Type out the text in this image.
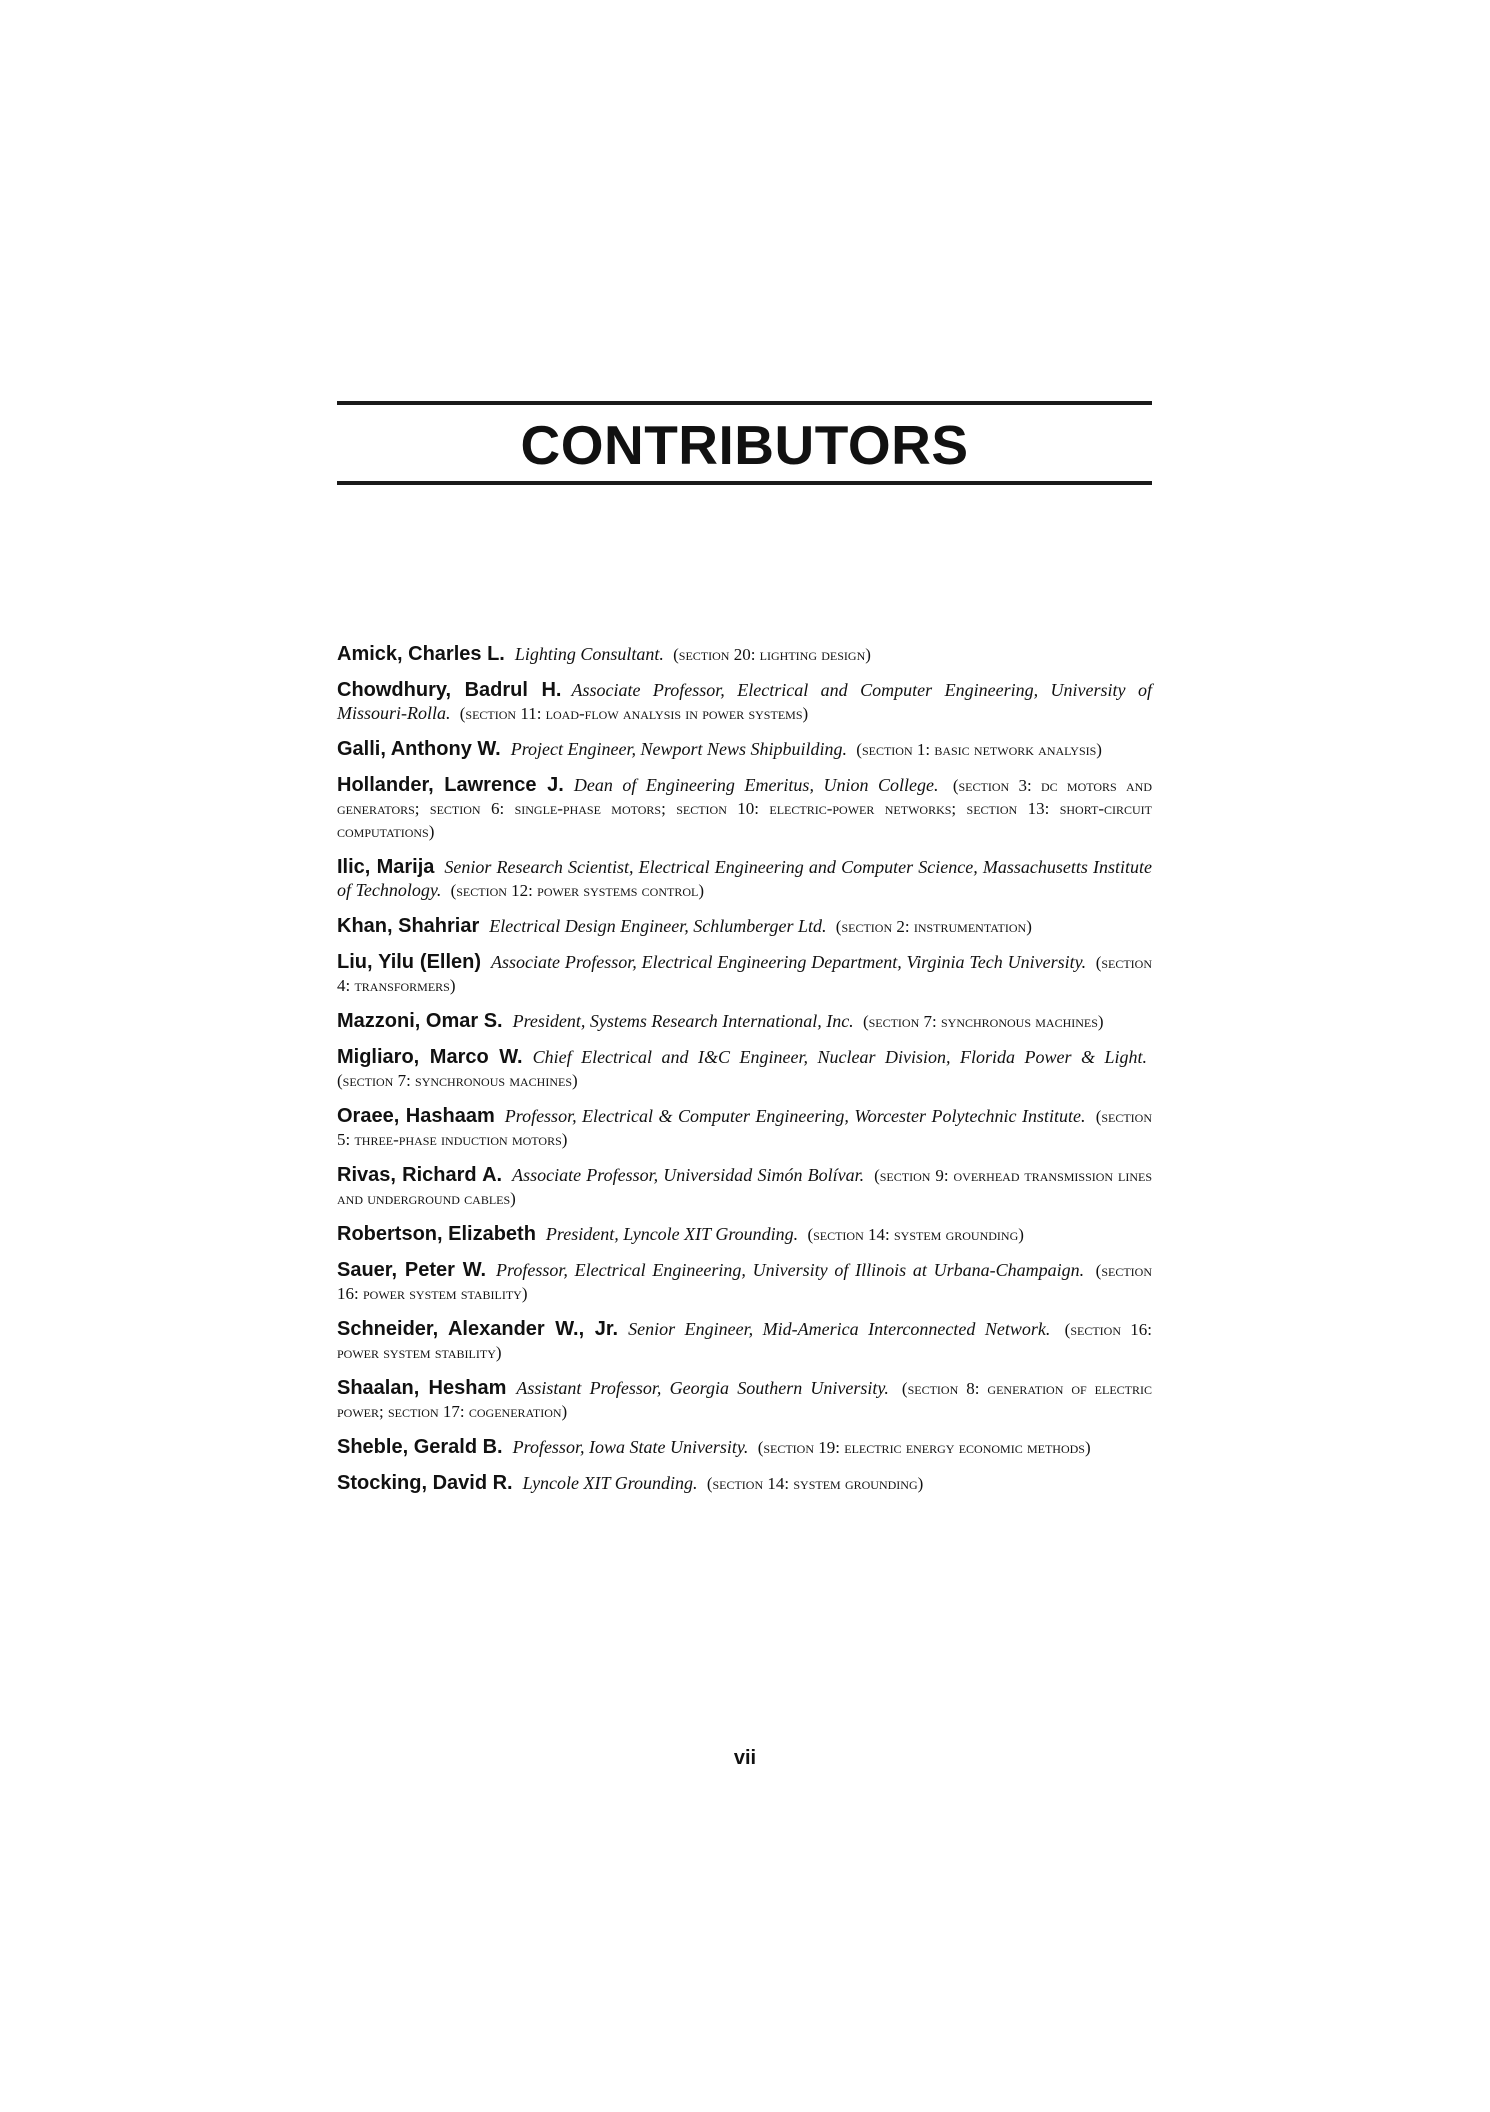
CONTRIBUTORS

Amick, Charles L. Lighting Consultant. (section 20: lighting design)

Chowdhury, Badrul H. Associate Professor, Electrical and Computer Engineering, University of Missouri-Rolla. (section 11: load-flow analysis in power systems)

Galli, Anthony W. Project Engineer, Newport News Shipbuilding. (section 1: basic network analysis)

Hollander, Lawrence J. Dean of Engineering Emeritus, Union College. (section 3: dc motors and generators; section 6: single-phase motors; section 10: electric-power networks; section 13: short-circuit computations)

Ilic, Marija Senior Research Scientist, Electrical Engineering and Computer Science, Massachusetts Institute of Technology. (section 12: power systems control)

Khan, Shahriar Electrical Design Engineer, Schlumberger Ltd. (section 2: instrumentation)

Liu, Yilu (Ellen) Associate Professor, Electrical Engineering Department, Virginia Tech University. (section 4: transformers)

Mazzoni, Omar S. President, Systems Research International, Inc. (section 7: synchronous machines)

Migliaro, Marco W. Chief Electrical and I&C Engineer, Nuclear Division, Florida Power & Light. (section 7: synchronous machines)

Oraee, Hashaam Professor, Electrical & Computer Engineering, Worcester Polytechnic Institute. (section 5: three-phase induction motors)

Rivas, Richard A. Associate Professor, Universidad Simón Bolívar. (section 9: overhead transmission lines and underground cables)

Robertson, Elizabeth President, Lyncole XIT Grounding. (section 14: system grounding)

Sauer, Peter W. Professor, Electrical Engineering, University of Illinois at Urbana-Champaign. (section 16: power system stability)

Schneider, Alexander W., Jr. Senior Engineer, Mid-America Interconnected Network. (section 16: power system stability)

Shaalan, Hesham Assistant Professor, Georgia Southern University. (section 8: generation of electric power; section 17: cogeneration)

Sheble, Gerald B. Professor, Iowa State University. (section 19: electric energy economic methods)

Stocking, David R. Lyncole XIT Grounding. (section 14: system grounding)

vii
